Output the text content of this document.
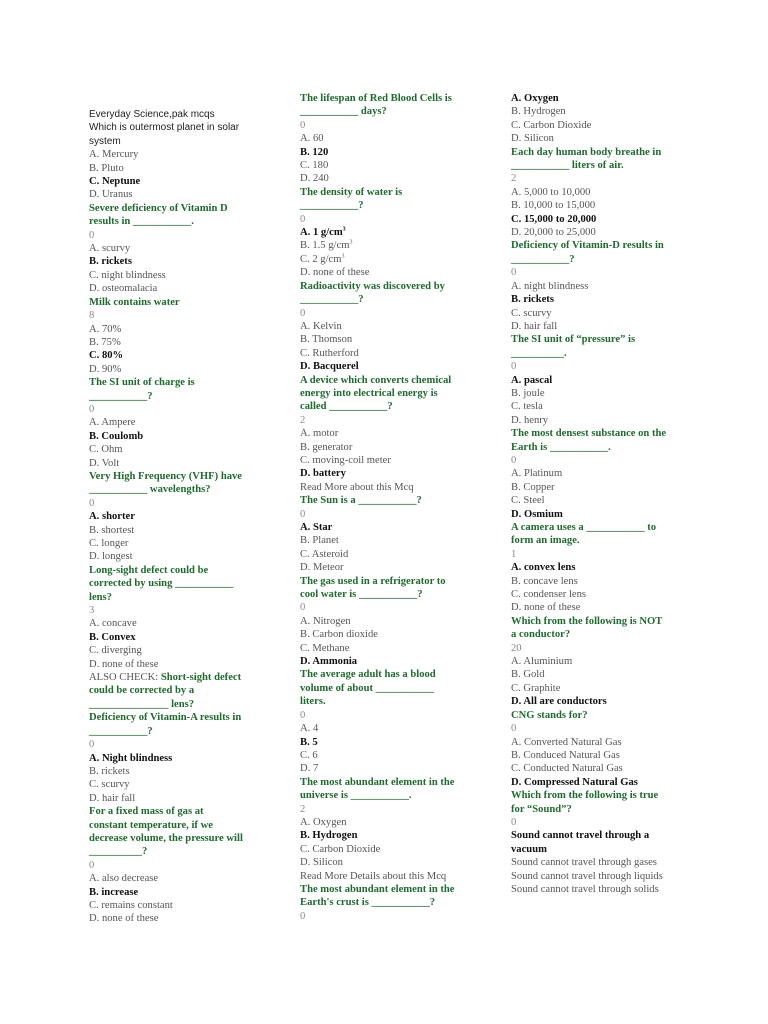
Everyday Science,pak mcqs
Which is outermost planet in solar
system
A. Mercury
B. Pluto
C. Neptune
D. Uranus
Severe deficiency of Vitamin D
results in ___________.
0
A. scurvy
B. rickets
C. night blindness
D. osteomalacia
Milk contains water
8
A. 70%
B. 75%
C. 80%
D. 90%
The SI unit of charge is
___________?
0
A. Ampere
B. Coulomb
C. Ohm
D. Volt
Very High Frequency (VHF) have
___________ wavelengths?
0
A. shorter
B. shortest
C. longer
D. longest
Long-sight defect could be
corrected by using ___________
lens?
3
A. concave
B. Convex
C. diverging
D. none of these
ALSO CHECK: Short-sight defect
could be corrected by a
_______________ lens?
Deficiency of Vitamin-A results in
___________?
0
A. Night blindness
B. rickets
C. scurvy
D. hair fall
For a fixed mass of gas at
constant temperature, if we
decrease volume, the pressure will
__________?
0
A. also decrease
B. increase
C. remains constant
D. none of these
The lifespan of Red Blood Cells is
___________ days?
0
A. 60
B. 120
C. 180
D. 240
The density of water is
___________?
0
A. 1 $g/cm^3$
B. 1.5 $g/cm^3$
C. 2 $g/cm^3$
D. none of these
Radioactivity was discovered by
___________?
0
A. Kelvin
B. Thomson
C. Rutherford
D. Bacquerel
A device which converts chemical
energy into electrical energy is
called ___________?
2
A. motor
B. generator
C. moving-coil meter
D. battery
Read More about this Mcq
The Sun is a ___________?
0
A. Star
B. Planet
C. Asteroid
D. Meteor
The gas used in a refrigerator to
cool water is ___________?
0
A. Nitrogen
B. Carbon dioxide
C. Methane
D. Ammonia
The average adult has a blood
volume of about ___________
liters.
0
A. 4
B. 5
C. 6
D. 7
The most abundant element in the
universe is ___________.
2
A. Oxygen
B. Hydrogen
C. Carbon Dioxide
D. Silicon
Read More Details about this Mcq
The most abundant element in the
Earth's crust is ___________?
0
A. Oxygen
B. Hydrogen
C. Carbon Dioxide
D. Silicon
Each day human body breathe in
___________ liters of air.
2
A. 5,000 to 10,000
B. 10,000 to 15,000
C. 15,000 to 20,000
D. 20,000 to 25,000
Deficiency of Vitamin-D results in
___________?
0
A. night blindness
B. rickets
C. scurvy
D. hair fall
The SI unit of “pressure” is
__________.
0
A. pascal
B. joule
C. tesla
D. henry
The most densest substance on the
Earth is ___________.
0
A. Platinum
B. Copper
C. Steel
D. Osmium
A camera uses a ___________ to
form an image.
1
A. convex lens
B. concave lens
C. condenser lens
D. none of these
Which from the following is NOT
a conductor?
20
A. Aluminium
B. Gold
C. Graphite
D. All are conductors
CNG stands for?
0
A. Converted Natural Gas
B. Conduced Natural Gas
C. Conducted Natural Gas
D. Compressed Natural Gas
Which from the following is true
for “Sound”?
0
Sound cannot travel through a
vacuum
Sound cannot travel through gases
Sound cannot travel through liquids
Sound cannot travel through solids
